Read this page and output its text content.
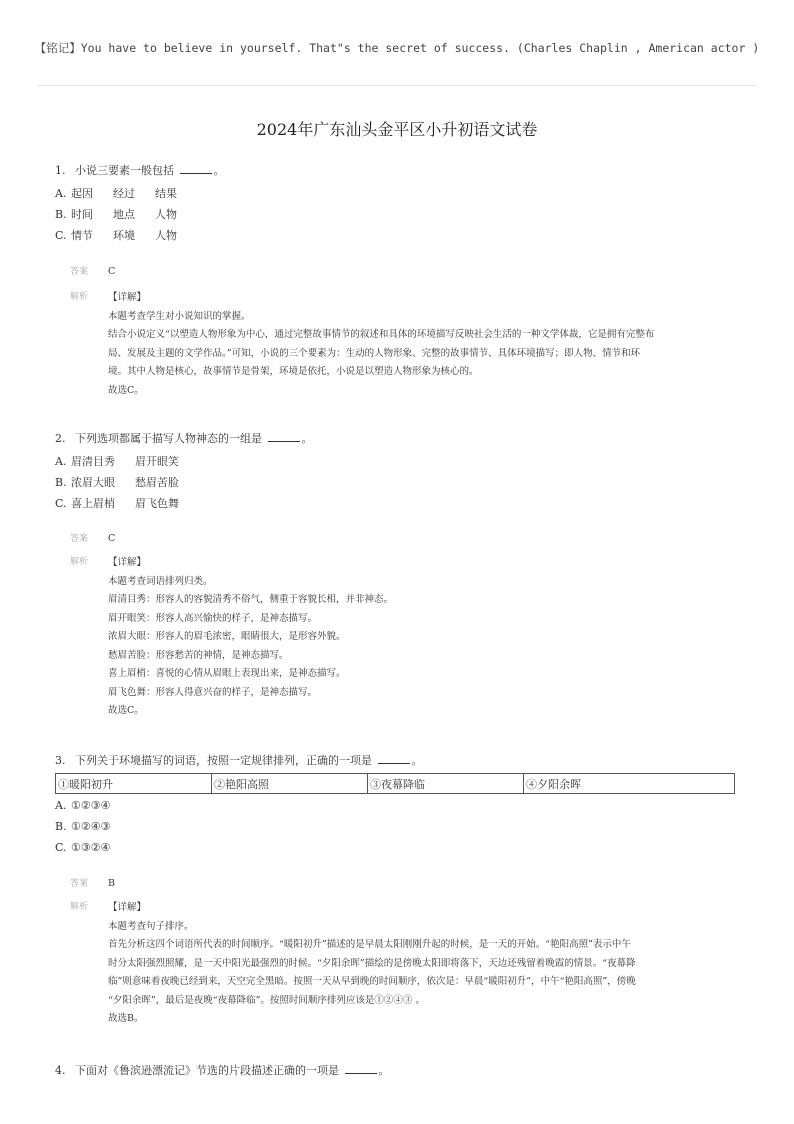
【铭记】You have to believe in yourself. That"s the secret of success. (Charles Chaplin , American actor )
2024年广东汕头金平区小升初语文试卷
1. 小说三要素一般包括	。
A. 起因 经过 结果
B. 时间 地点 人物
C. 情节 环境 人物
答案 C
解析 【详解】

本题考查学生对小说知识的掌握。

结合小说定义“以塑造人物形象为中心，通过完整故事情节的叙述和具体的环境描写反映社会生活的一种文学体裁，它是拥有完整布

局、发展及主题的文学作品。”可知，小说的三个要素为：生动的人物形象、完整的故事情节、具体环境描写；即人物、情节和环

境。其中人物是核心，故事情节是骨架，环境是依托，小说是以塑造人物形象为核心的。

故选C。

2. 下列选项都属于描写人物神态的一组是	。
A. 眉清目秀 眉开眼笑
B. 浓眉大眼 愁眉苦脸
C. 喜上眉梢 眉飞色舞
答案 C
解析 【详解】

本题考查词语排列归类。

眉清目秀：形容人的容貌清秀不俗气，侧重于容貌长相，并非神态。

眉开眼笑：形容人高兴愉快的样子，是神态描写。

浓眉大眼：形容人的眉毛浓密，眼睛很大，是形容外貌。

愁眉苦脸：形容愁苦的神情，是神态描写。

喜上眉梢：喜悦的心情从眉眼上表现出来，是神态描写。

眉飞色舞：形容人得意兴奋的样子，是神态描写。

故选C。

3. 下列关于环境描写的词语，按照一定规律排列，正确的一项是	。
①暖阳初升	②艳阳高照	③夜幕降临	④夕阳余晖
A. ①②③④
B. ①②④③
C. ①③②④
答案 B
解析 【详解】

本题考查句子排序。

首先分析这四个词语所代表的时间顺序。“暖阳初升”描述的是早晨太阳刚刚升起的时候，是一天的开始。“艳阳高照”表示中午

时分太阳强烈照耀，是一天中阳光最强烈的时候。“夕阳余晖”描绘的是傍晚太阳即将落下，天边还残留着晚霞的情景。“夜幕降

临”则意味着夜晚已经到来，天空完全黑暗。按照一天从早到晚的时间顺序，依次是：早晨“暖阳初升”，中午“艳阳高照”，傍晚

“夕阳余晖”，最后是夜晚“夜幕降临”。按照时间顺序排列应该是①②④③ 。

故选B。

4. 下面对《鲁滨逊漂流记》节选的片段描述正确的一项是	。
